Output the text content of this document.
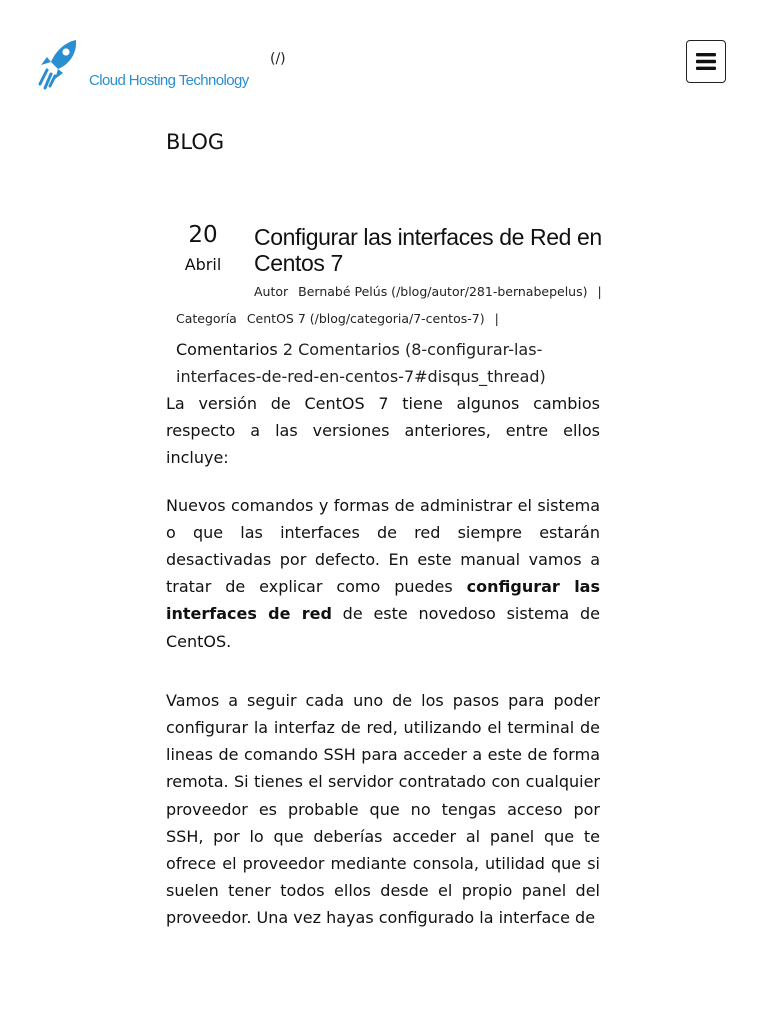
Cloud Hosting Technology
(/)
BLOG
20
Abril
Configurar las interfaces de Red en Centos 7
Autor Bernabé Pelús (/blog/autor/281-bernabepelus) |
Categoría CentOS 7 (/blog/categoria/7-centos-7) |
Comentarios 2 Comentarios (8-configurar-las-interfaces-de-red-en-centos-7#disqus_thread)

La versión de CentOS 7 tiene algunos cambios respecto a las versiones anteriores, entre ellos incluye:

Nuevos comandos y formas de administrar el sistema o que las interfaces de red siempre estarán desactivadas por defecto. En este manual vamos a tratar de explicar como puedes configurar las interfaces de red de este novedoso sistema de CentOS.

Vamos a seguir cada uno de los pasos para poder configurar la interfaz de red, utilizando el terminal de lineas de comando SSH para acceder a este de forma remota. Si tienes el servidor contratado con cualquier proveedor es probable que no tengas acceso por SSH, por lo que deberías acceder al panel que te ofrece el proveedor mediante consola, utilidad que si suelen tener todos ellos desde el propio panel del proveedor. Una vez hayas configurado la interface de
